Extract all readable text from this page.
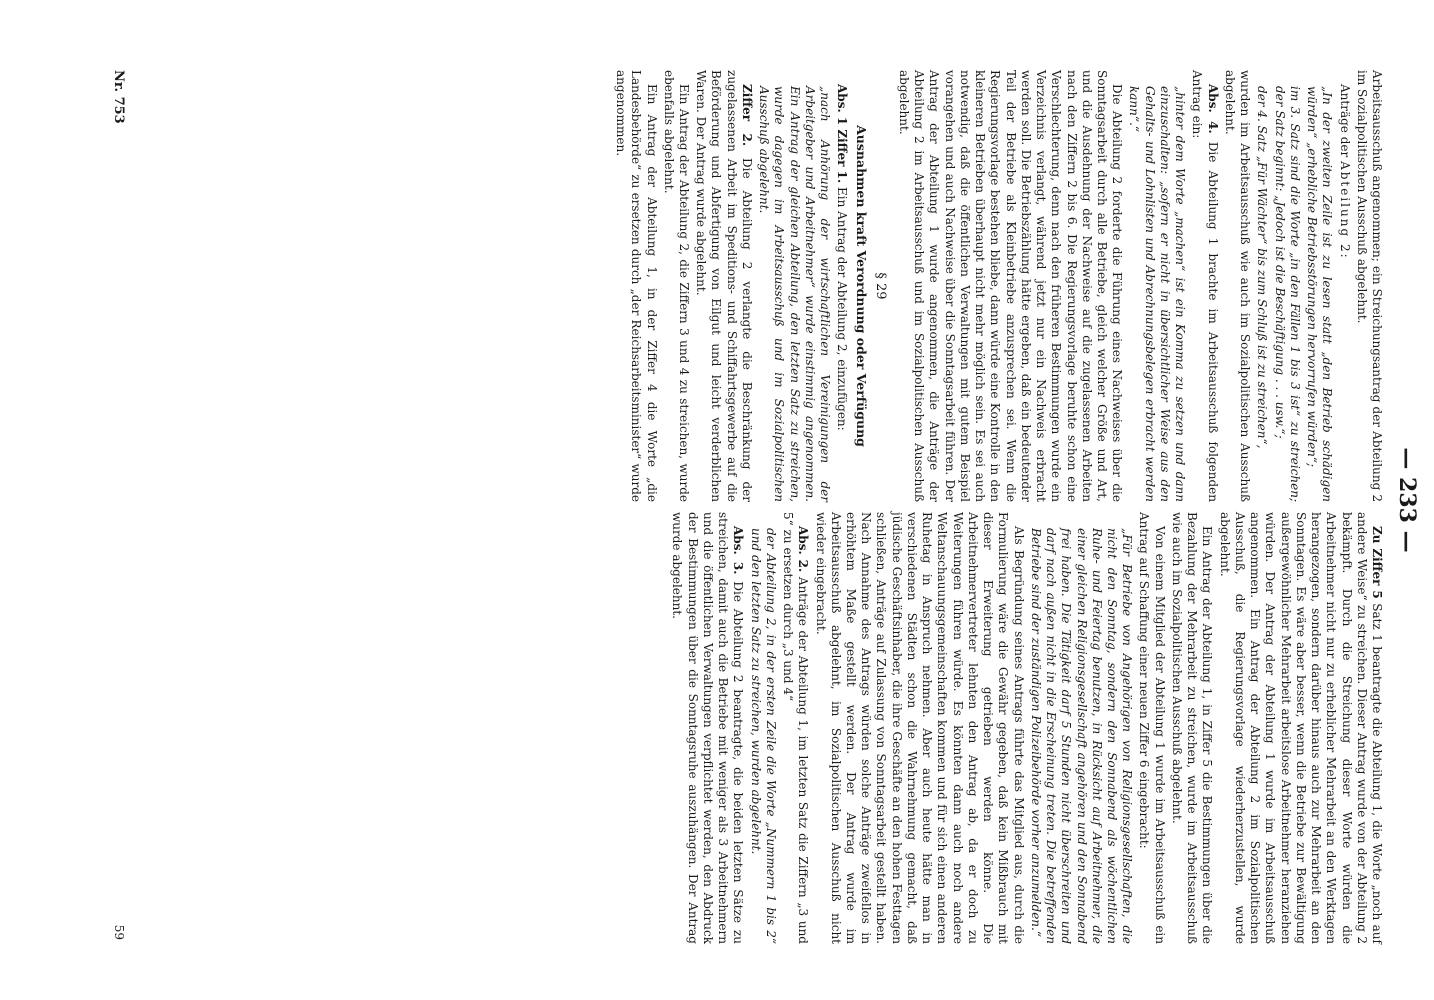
— 233 —

Arbeitsausschuß angenommen; ein Streichungsantrag der Abteilung 2 im Sozialpolitischen Ausschuß abgelehnt.

Anträge der Abteilung 2:

„In der zweiten Zeile ist zu lesen statt „den Betrieb schädigen würden“ „erhebliche Betriebsstörungen hervorrufen würden“;

im 3. Satz sind die Worte „in den Fällen 1 bis 3 ist“ zu streichen; der Satz beginnt: „Jedoch ist die Beschäftigung . . . usw.“;

der 4. Satz „Für Wächter“ bis zum Schluß ist zu streichen“,

wurden im Arbeitsausschuß wie auch im Sozialpolitischen Ausschuß abgelehnt.

Abs. 4. Die Abteilung 1 brachte im Arbeitsausschuß folgenden Antrag ein:

„hinter dem Worte „machen“ ist ein Komma zu setzen und dann einzuschalten: „sofern er nicht in übersichtlicher Weise aus den Gehalts- und Lohnlisten und Abrechnungsbelegen erbracht werden kann“.“

Die Abteilung 2 forderte die Führung eines Nachweises über die Sonntagsarbeit durch alle Betriebe, gleich welcher Größe und Art, und die Ausdehnung der Nachweise auf die zugelassenen Arbeiten nach den Ziffern 2 bis 6. Die Regierungsvorlage beruhte schon eine Verschlechterung, denn nach den früheren Bestimmungen wurde ein Verzeichnis verlangt, während jetzt nur ein Nachweis erbracht werden soll. Die Betriebszählung hätte ergeben, daß ein bedeutender Teil der Betriebe als Kleinbetriebe anzusprechen sei. Wenn die Regierungsvorlage bestehen bliebe, dann würde eine Kontrolle in den kleineren Betrieben überhaupt nicht mehr möglich sein. Es sei auch notwendig, daß die öffentlichen Verwaltungen mit gutem Beispiel vorangehen und auch Nachweise über die Sonntagsarbeit führen. Der Antrag der Abteilung 1 wurde angenommen, die Anträge der Abteilung 2 im Arbeitsausschuß und im Sozialpolitischen Ausschuß abgelehnt.

§ 29
Ausnahmen kraft Verordnung oder Verfügung

Abs. 1 Ziffer 1. Ein Antrag der Abteilung 2, einzufügen:

„nach Anhörung der wirtschaftlichen Vereinigungen der Arbeitgeber und Arbeitnehmer“ wurde einstimmig angenommen. Ein Antrag der gleichen Abteilung, den letzten Satz zu streichen, wurde dagegen im Arbeitsausschuß und im Sozialpolitischen Ausschuß abgelehnt.

Ziffer 2. Die Abteilung 2 verlangte die Beschränkung der zugelassenen Arbeit im Speditions- und Schiffahrtsgewerbe auf die Beförderung und Abfertigung von Eilgut und leicht verderblichen Waren. Der Antrag wurde abgelehnt.

Ein Antrag der Abteilung 2, die Ziffern 3 und 4 zu streichen, wurde ebenfalls abgelehnt.

Ein Antrag der Abteilung 1, in der Ziffer 4 die Worte „die Landesbehörde“ zu ersetzen durch „der Reichsarbeitsminister“ wurde angenommen.

Zu Ziffer 5 Satz 1 beantragte die Abteilung 1, die Worte „noch auf andere Weise“ zu streichen. Dieser Antrag wurde von der Abteilung 2 bekämpft. Durch die Streichung dieser Worte würden die Arbeitnehmer nicht nur zu erheblicher Mehrarbeit an den Werktagen herangezogen, sondern darüber hinaus auch zur Mehrarbeit an den Sonntagen. Es wäre aber besser, wenn die Betriebe zur Bewältigung außergewöhnlicher Mehrarbeit arbeitslose Arbeitnehmer heranziehen würden. Der Antrag der Abteilung 1 wurde im Arbeitsausschuß angenommen. Ein Antrag der Abteilung 2 im Sozialpolitischen Ausschuß, die Regierungsvorlage wiederherzustellen, wurde abgelehnt.

Ein Antrag der Abteilung 1, in Ziffer 5 die Bestimmungen über die Bezahlung der Mehrarbeit zu streichen, wurde im Arbeitsausschuß wie auch im Sozialpolitischen Ausschuß abgelehnt.

Von einem Mitglied der Abteilung 1 wurde im Arbeitsausschuß ein Antrag auf Schaffung einer neuen Ziffer 6 eingebracht:

„Für Betriebe von Angehörigen von Religionsgesellschaften, die nicht den Sonntag, sondern den Sonnabend als wöchentlichen Ruhe- und Feiertag benutzen, in Rücksicht auf Arbeitnehmer, die einer gleichen Religionsgesellschaft angehören und den Sonnabend frei haben. Die Tätigkeit darf 5 Stunden nicht überschreiten und darf nach außen nicht in die Erscheinung treten. Die betreffenden Betriebe sind der zuständigen Polizeibehörde vorher anzumelden.“

Als Begründung seines Antrags führte das Mitglied aus, durch die Formulierung wäre die Gewähr gegeben, daß kein Mißbrauch mit dieser Erweiterung getrieben werden könne. Die Arbeitnehmervertreter lehnten den Antrag ab, da er doch zu Weiterungen führen würde. Es könnten dann auch noch andere Weltanschauungsgemeinschaften kommen und für sich einen anderen Ruhetag in Anspruch nehmen. Aber auch heute hätte man in verschiedenen Städten schon die Wahrnehmung gemacht, daß jüdische Geschäftsinhaber, die ihre Geschäfte an den hohen Festtagen schließen, Anträge auf Zulassung von Sonntagsarbeit gestellt haben. Nach Annahme des Antrags würden solche Anträge zweifellos in erhöhtem Maße gestellt werden. Der Antrag wurde im Arbeitsausschuß abgelehnt, im Sozialpolitischen Ausschuß nicht wieder eingebracht.

Abs. 2. Anträge der Abteilung 1, im letzten Satz die Ziffern „3 und 5“ zu ersetzen durch „3 und 4“

der Abteilung 2, in der ersten Zeile die Worte „Nummern 1 bis 2“ und den letzten Satz zu streichen, wurden abgelehnt.

Abs. 3. Die Abteilung 2 beantragte, die beiden letzten Sätze zu streichen, damit auch die Betriebe mit weniger als 3 Arbeitnehmern und die öffentlichen Verwaltungen verpflichtet werden, den Abdruck der Bestimmungen über die Sonntagsruhe auszuhängen. Der Antrag wurde abgelehnt.

Nr. 753
59
